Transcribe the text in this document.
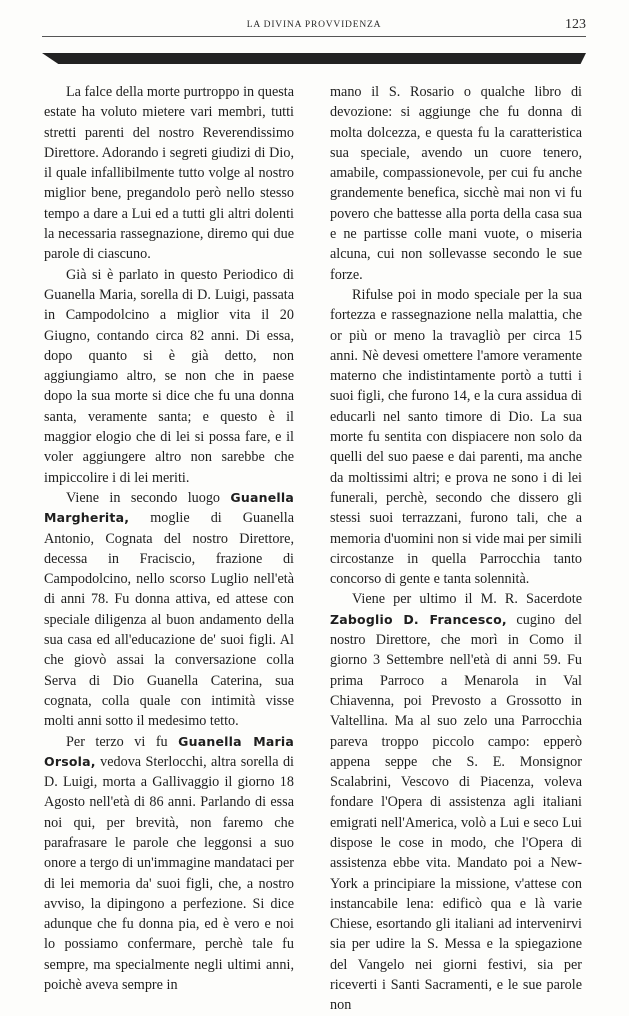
LA DIVINA PROVVIDENZA	123

La falce della morte purtroppo in questa estate ha voluto mietere vari membri, tutti stretti parenti del nostro Reverendissimo Direttore. Adorando i segreti giudizi di Dio, il quale infallibilmente tutto volge al nostro miglior bene, pregandolo però nello stesso tempo a dare a Lui ed a tutti gli altri dolenti la necessaria rassegnazione, diremo qui due parole di ciascuno.

Già si è parlato in questo Periodico di Guanella Maria, sorella di D. Luigi, passata in Campodolcino a miglior vita il 20 Giugno, contando circa 82 anni. Di essa, dopo quanto si è già detto, non aggiungiamo altro, se non che in paese dopo la sua morte si dice che fu una donna santa, veramente santa; e questo è il maggior elogio che di lei si possa fare, e il voler aggiungere altro non sarebbe che impiccolire i di lei meriti.

Viene in secondo luogo Guanella Margherita, moglie di Guanella Antonio, Cognata del nostro Direttore, decessa in Fraciscio, frazione di Campodolcino, nello scorso Luglio nell'età di anni 78. Fu donna attiva, ed attese con speciale diligenza al buon andamento della sua casa ed all'educazione de' suoi figli. Al che giovò assai la conversazione colla Serva di Dio Guanella Caterina, sua cognata, colla quale con intimità visse molti anni sotto il medesimo tetto.

Per terzo vi fu Guanella Maria Orsola, vedova Sterlocchi, altra sorella di D. Luigi, morta a Gallivaggio il giorno 18 Agosto nell'età di 86 anni. Parlando di essa noi qui, per brevità, non faremo che parafrasare le parole che leggonsi a suo onore a tergo di un'immagine mandataci per di lei memoria da' suoi figli, che, a nostro avviso, la dipingono a perfezione. Si dice adunque che fu donna pia, ed è vero e noi lo possiamo confermare, perchè tale fu sempre, ma specialmente negli ultimi anni, poichè aveva sempre in

mano il S. Rosario o qualche libro di devozione: si aggiunge che fu donna di molta dolcezza, e questa fu la caratteristica sua speciale, avendo un cuore tenero, amabile, compassionevole, per cui fu anche grandemente benefica, sicchè mai non vi fu povero che battesse alla porta della casa sua e ne partisse colle mani vuote, o miseria alcuna, cui non sollevasse secondo le sue forze.

Rifulse poi in modo speciale per la sua fortezza e rassegnazione nella malattia, che or più or meno la travagliò per circa 15 anni. Nè devesi omettere l'amore veramente materno che indistintamente portò a tutti i suoi figli, che furono 14, e la cura assidua di educarli nel santo timore di Dio. La sua morte fu sentita con dispiacere non solo da quelli del suo paese e dai parenti, ma anche da moltissimi altri; e prova ne sono i di lei funerali, perchè, secondo che dissero gli stessi suoi terrazzani, furono tali, che a memoria d'uomini non si vide mai per simili circostanze in quella Parrocchia tanto concorso di gente e tanta solennità.

Viene per ultimo il M. R. Sacerdote Zaboglio D. Francesco, cugino del nostro Direttore, che morì in Como il giorno 3 Settembre nell'età di anni 59. Fu prima Parroco a Menarola in Val Chiavenna, poi Prevosto a Grossotto in Valtellina. Ma al suo zelo una Parrocchia pareva troppo piccolo campo: epperò appena seppe che S. E. Monsignor Scalabrini, Vescovo di Piacenza, voleva fondare l'Opera di assistenza agli italiani emigrati nell'America, volò a Lui e seco Lui dispose le cose in modo, che l'Opera di assistenza ebbe vita. Mandato poi a New-York a principiare la missione, v'attese con instancabile lena: edificò qua e là varie Chiese, esortando gli italiani ad intervenirvi sia per udire la S. Messa e la spiegazione del Vangelo nei giorni festivi, sia per riceverti i Santi Sacramenti, e le sue parole non
